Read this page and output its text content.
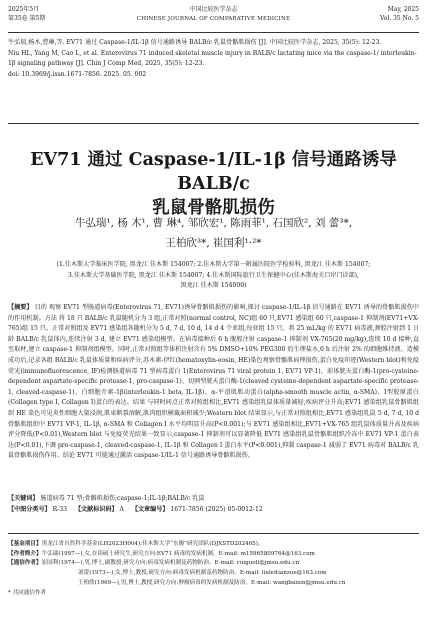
2025年5月
第35卷 第5期
中国比较医学杂志
CHINESE JOURNAL OF COMPARATIVE MEDICINE
May, 2025
Vol. 35 No. 5
牛弘瑞,杨木,曹琳,等. EV71 通过 Caspase-1/IL-1β 信号通路诱导 BALB/c 乳鼠骨骼肌损伤 [J]. 中国比较医学杂志, 2025, 35(5): 12-23.
Niu HL, Yang M, Cao L, et al. Enterovirus 71 induced skeletal muscle injury in BALB/c lactating mice via the caspase-1/ interleukin-1β signaling pathway [J]. Chin J Comp Med, 2025, 35(5): 12-23.
doi: 10.3969/j.issn.1671-7856. 2025. 05. 002
EV71 通过 Caspase-1/IL-1β 信号通路诱导 BALB/c
乳鼠骨骼肌损伤
牛弘瑞¹, 杨 木¹, 曹 琳⁴, 邹欣宏¹, 陈雨菲¹, 石国欣², 刘 蕾³*,
王柏欣³*, 崔国利¹·²*
(1.佳木斯大学临床医学院, 黑龙江 佳木斯 154007; 2.佳木斯大学第一附属医院医学检验科, 黑龙江 佳木斯 154007;
3.佳木斯大学基础医学院, 黑龙江 佳木斯 154007; 4.佳木斯国际旅行卫生保健中心(佳木斯海关口岸门诊部),
黑龙江 佳木斯 154000)
【摘要】 目的 观察 EV71 型肠道病毒(Enterovirus 71, EV71)诱导骨骼肌损伤的影响,探讨 caspase-1/IL-1β 信号通路在 EV71 诱导的骨骼肌损伤中的作用机制。方法 将 18 只 BALB/c 乳鼠随机分为 3 组,正常对照(normal control, NC)组 60 只,EV71 感染组 60 只,caspase-1 抑制剂(EV71+VX-765)组 15 只。正常对照组及 EV71 感染组各随机分为 5 d, 7 d, 10 d, 14 d 4 个亚组,每亚组 15 只。将 25 mL/kg 的 EV71 病毒液,颈腔注射到 1 日龄 BALB/c 乳鼠体内,连续注射 3 d, 建立 EV71 感染组模型。在病毒接种后 6 h 腹腔注射 caspase-1 抑制剂 VX-765(20 mg/kg),连续 10 d 接种,直至取材,建立 caspase-1 抑制剂组模型。同时,正常对照组等体积注射含有 5% DMSO+10% PEG300 的生理盐水,6 h 后注射 2% 的细胞维持液。造模成功后,记录各组 BALB/c 乳鼠体质量和疾病评分,苏木素-伊红(hematoxylin-eosin, HE)染色观察骨骼肌病理损伤,蛋白免疫印迹(Western blot)和免疫荧光(immunofluorescence, IF)检测肠道病毒 71 型病毒蛋白 1(Enterovirus 71 viral protein 1, EV71 VP-1)、前体胱天蛋白酶-1(pro-cysteine-dependent aspartate-specific protease-1, pro-caspase-1)、切割型胱天蛋白酶-1(cleaved cysteine-dependent aspartate-specific protease-1, cleaved-caspase-1)、白细胞介素-1β(interleukin-1 beta, IL-1β)、α-平滑肌肌动蛋白(alpha-smooth muscle actin, α-SMA)、Ⅰ型胶原蛋白(Collagen type Ⅰ, Collagen Ⅰ)蛋白的表达。结果 与同时间点正常对照组相比,EV71 感染组乳鼠体质量减轻,疾病评分升高;EV71 感染组乳鼠骨骼肌组织 HE 染色可见炎性细胞大量浸润,肌束断裂溶解,肌肉组织横截面积减少;Western blot 结果显示,与正常对照组相比,EV71 感染组乳鼠 5 d, 7 d, 10 d 骨骼肌组织中 EV71 VP-1, IL-1β, α-SMA 和 Collagen Ⅰ 水平均明显升高(P<0.001);与 EV71 感染组相比,EV71+VX-765 组乳鼠体质量升高及疾病评分降低(P<0.01),Western blot 与免疫荧光结果一致显示,caspase-1 抑制剂可以显著降低 EV71 感染组乳鼠骨骼肌组织冷冻中 EV71 VP-1 蛋白表达(P<0.01),下调 pro-caspase-1, cleaved-caspase-1, IL-1β 和 Collagen Ⅰ 蛋白水平(P<0.001),抑制 caspase-1 减弱了 EV71 病毒对 BALB/c 乳鼠骨骼肌损伤作用。结论 EV71 可能通过激活 caspase-1/IL-1 信号通路诱导骨骼肌损伤。
【关键词】 肠道病毒 71 型;骨骼肌损伤;caspase-1;IL-1β;BALB/c 乳鼠
【中图分类号】 R-33 【文献标识码】 A 【文章编号】 1671-7856 (2025) 05-0012-12
【基金项目】黑龙江省自然科学基金(LH2023H004);佳木斯大学“东极”研究团队(DJXSTD202405)。
【作者简介】牛弘瑞(1997—),女,在读硕士研究生,研究方向:EV71 病毒的发病机制。E-mail: m15965809764@163.com
【通信作者】崔国利(1974—),男,博士,副教授,研究方向:病毒发病机制及药物防治。E-mail: cuiguoli@jmsu.edu.cn
刘蕾(1973—),女,博士,教授,研究方向:病毒发病机制及药物防治。E-mail: liuleitianzue@163.com
王柏欣(1969—),男,博士,教授,研究方向:肿瘤病毒的发病机制及防治。E-mail: wangbaixin@jmsu.edu.cn
* 共同通信作者
